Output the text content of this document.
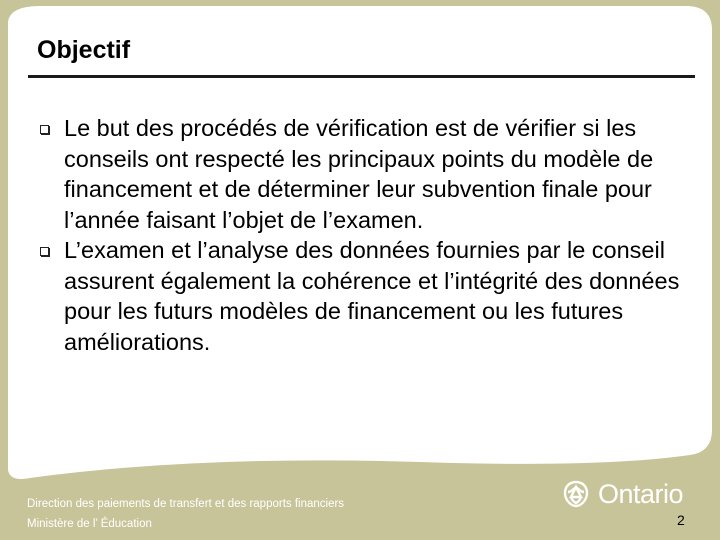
Objectif
Le but des procédés de vérification est de vérifier si les conseils ont respecté les principaux points du modèle de financement et de déterminer leur subvention finale pour l’année faisant l’objet de l’examen.
L’examen et l’analyse des données fournies par le conseil assurent également la cohérence et l’intégrité des données pour les futurs modèles de financement ou les futures améliorations.
Direction des paiements de transfert et des rapports financiers
Ministère de l’ Éducation
Ontario
2
